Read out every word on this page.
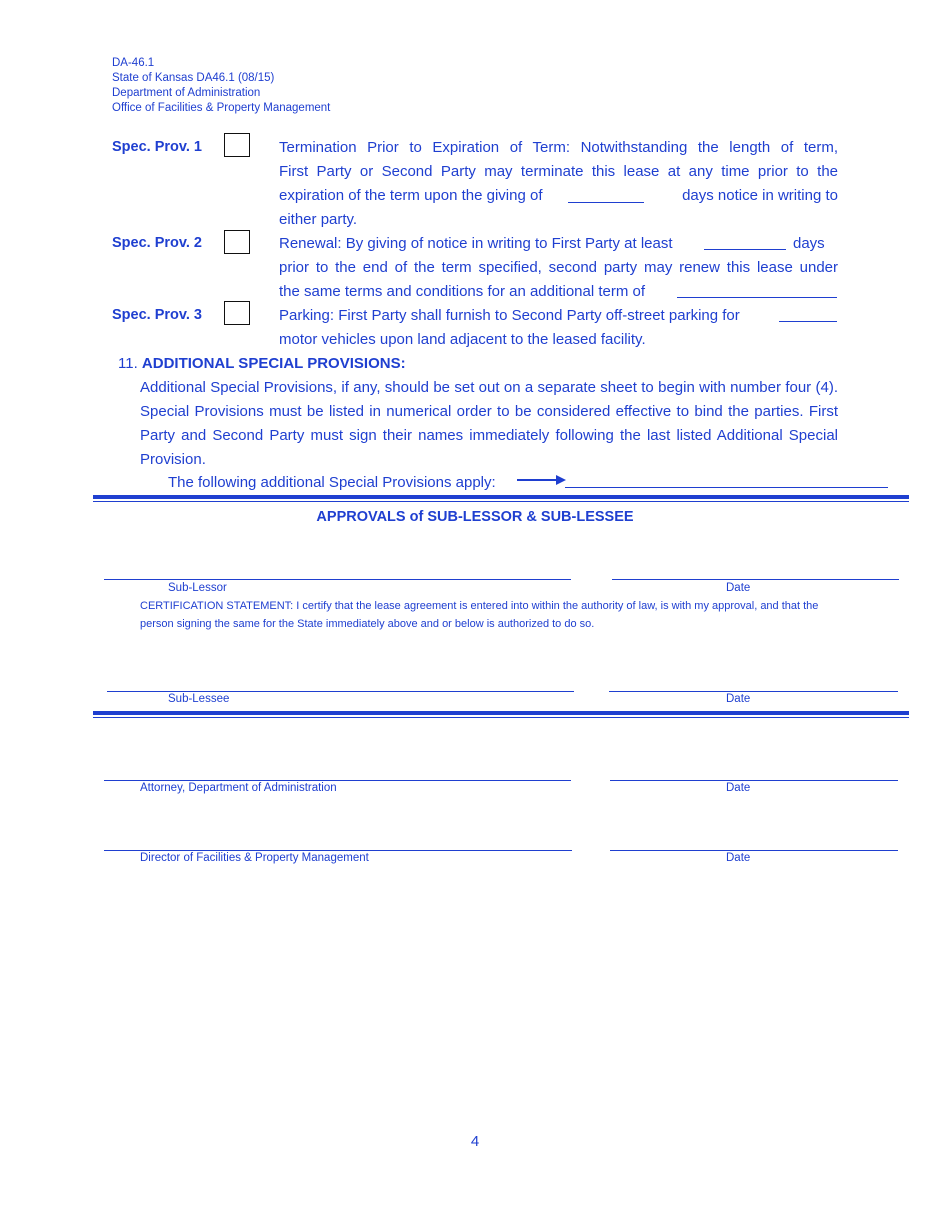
DA-46.1
State of Kansas DA46.1 (08/15)
Department of Administration
Office of Facilities & Property Management
Spec. Prov. 1	Termination Prior to Expiration of Term: Notwithstanding the length of term,
First Party or Second Party may terminate this lease at any time prior to the
expiration of the term upon the giving of	days notice in writing to
either party.
Spec. Prov. 2	Renewal: By giving of notice in writing to First Party at least	days
prior to the end of the term specified, second party may renew this lease under
the same terms and conditions for an additional term of
Spec. Prov. 3	Parking: First Party shall furnish to Second Party off-street parking for
motor vehicles upon land adjacent to the leased facility.
11. ADDITIONAL SPECIAL PROVISIONS:
Additional Special Provisions, if any, should be set out on a separate sheet to begin with number four (4). Special Provisions must be listed in numerical order to be considered effective to bind the parties. First Party and Second Party must sign their names immediately following the last listed Additional Special Provision.
The following additional Special Provisions apply:
APPROVALS of SUB-LESSOR & SUB-LESSEE
Sub-Lessor	Date
CERTIFICATION STATEMENT: I certify that the lease agreement is entered into within the authority of law, is with my approval, and that the person signing the same for the State immediately above and or below is authorized to do so.
Sub-Lessee	Date
Attorney, Department of Administration	Date
Director of Facilities & Property Management	Date
4
